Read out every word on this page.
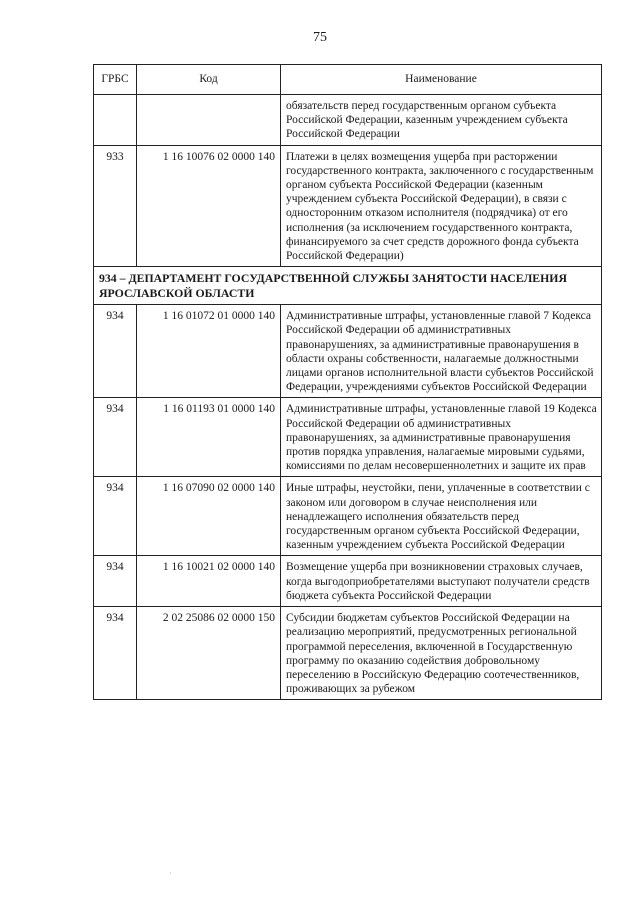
75
ГРБС	Код	Наименование
		обязательств перед государственным органом субъекта Российской Федерации, казенным учреждением субъекта Российской Федерации
933	1 16 10076 02 0000 140	Платежи в целях возмещения ущерба при расторжении государственного контракта, заключенного с государственным органом субъекта Российской Федерации (казенным учреждением субъекта Российской Федерации), в связи с односторонним отказом исполнителя (подрядчика) от его исполнения (за исключением государственного контракта, финансируемого за счет средств дорожного фонда субъекта Российской Федерации)
934 – ДЕПАРТАМЕНТ ГОСУДАРСТВЕННОЙ СЛУЖБЫ ЗАНЯТОСТИ НАСЕЛЕНИЯ ЯРОСЛАВСКОЙ ОБЛАСТИ		
934	1 16 01072 01 0000 140	Административные штрафы, установленные главой 7 Кодекса Российской Федерации об административных правонарушениях, за административные правонарушения в области охраны собственности, налагаемые должностными лицами органов исполнительной власти субъектов Российской Федерации, учреждениями субъектов Российской Федерации
934	1 16 01193 01 0000 140	Административные штрафы, установленные главой 19 Кодекса Российской Федерации об административных правонарушениях, за административные правонарушения против порядка управления, налагаемые мировыми судьями, комиссиями по делам несовершеннолетних и защите их прав
934	1 16 07090 02 0000 140	Иные штрафы, неустойки, пени, уплаченные в соответствии с законом или договором в случае неисполнения или ненадлежащего исполнения обязательств перед государственным органом субъекта Российской Федерации, казенным учреждением субъекта Российской Федерации
934	1 16 10021 02 0000 140	Возмещение ущерба при возникновении страховых случаев, когда выгодоприобретателями выступают получатели средств бюджета субъекта Российской Федерации
934	2 02 25086 02 0000 150	Субсидии бюджетам субъектов Российской Федерации на реализацию мероприятий, предусмотренных региональной программой переселения, включенной в Государственную программу по оказанию содействия добровольному переселению в Российскую Федерацию соотечественников, проживающих за рубежом
·
